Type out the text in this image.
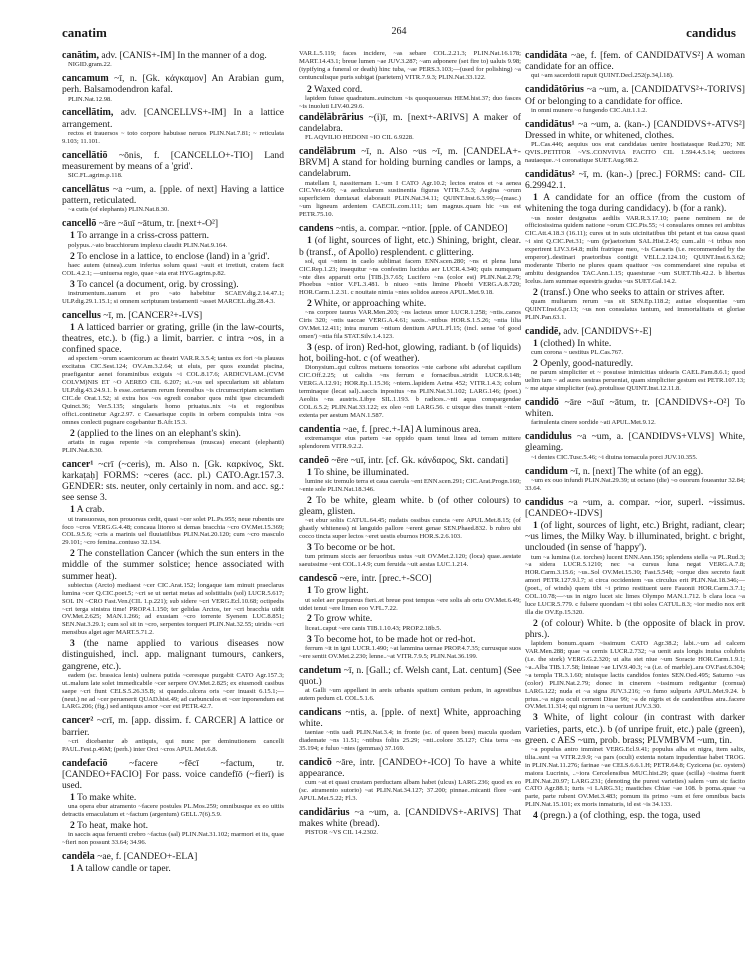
canatim	264	candidus
canātim, adv. [CANIS+-IM] In the manner of a dog.
NIGID.gram.22.
cancamum ~ī, n. [Gk. κάγκαμον] An Arabian gum, perh. Balsamodendron kafal.
PLIN.Nat.12.98.
cancellātim, adv. [CANCELLVS+-IM] In a lattice arrangement.
rectos et trauersos ~ toto corpore habuisse neruos PLIN.Nat.7.81; ~ reticulata 9.103; 11.101.
cancellātiō ~ōnis, f. [CANCELLO+-TIO] Land measurement by means of a 'grid'.
SIC.FL.agrim.p.118.
cancellātus ~a ~um, a. [pple. of next] Having a lattice pattern, reticulated.
~a cutis (of elephants) PLIN.Nat.8.30.
cancellō ~āre ~āuī ~ātum, tr. [next+-O²]
1 To arrange in a criss-cross pattern.
polypus..~ato bracchiorum implexu claudit PLIN.Nat.9.164.
2 To enclose in a lattice, to enclose (land) in a 'grid'.
haec autem (uinea)..cum inferius solum quasi ~auit et irretiuit, cratem facit COL.4.2.1; —uniuersa regio, quae ~ata erat HYG.agrim.p.82.
3 To cancel (a document, orig. by crossing).
instrumentum..uanum et pro ~ato habebitur SCAEV.dig.2.14.47.1; ULP.dig.29.1.15.1; si omnem scripturam testamenti ~asset MARCEL.dig.28.4.3.
cancellus ~ī, m. [CANCER²+-LVS]
1 A latticed barrier or grating, grille (in the law-courts, theatres, etc.). b (fig.) a limit, barrier. c intra ~os, in a confined space.
ad speciem ~orum scaenicorum ac theatri VAR.R.3.5.4; tantus ex fori ~is plausus excitatus CIC.Sest.124; OV.Am.3.2.64; ut eluis, per quos exundat piscina, praefigantur aenei foraminibus exiguis ~i COL.8.17.6; ARDICVLAM..(CVM COLVM)NIS ET ~O AEREO CIL 6.207; si..~us uel specularium sit ablatum ULP.dig.43.24.9.1. b esse..certarum rerum forensibus ~is circumscriptam scientiam CIC.de Orat.1.52; si extra hos ~os egredi conabor quos mihi ipse circumdedi Quinct.36; Ver.5.135; singularis homo priuatus..nix ~is et regionibus offici..continetur Agr.2.97. c Caesarisque copiis in orbem compulsis intra ~os omnes conlecti pugnare cogebantur B.Afr.15.3.
2 (applied to the lines on an elephant's skin).
artatis in rugas repente ~is comprehensas (muscas) enecant (elephanti) PLIN.Nat.8.30.
cancer¹ ~crī (~ceris), m. Also n. [Gk. καρκίνος, Skt. karkaṭaḥ] FORMS: ~ceres (acc. pl.) CATO.Agr.157.3. GENDER: sts. neuter, only certainly in nom. and acc. sg.: see sense 3.
1 A crab.
ut transuorsus, non prouorsus cedit, quasi ~cer solet PL.Ps.955; neue rubentis ure foco ~cros VERG.G.4.48; concaua litoreo si demas bracchia ~cro OV.Met.15.369; COL.9.5.6; ~cris a marinis uel fluuiatilibus PLIN.Nat.20.120; cum ~cro masculo 29.101; ~cro femina..contuso 32.134.
2 The constellation Cancer (which the sun enters in the middle of the summer solstice; hence associated with summer heat).
subiectus (Arcto) mediaest ~cer CIC.Arat.152; longaque iam minuit praeclarus lumina ~cer Q.CIC.poet.5; ~cri se ut uertat metas ad solstitialis (sol) LUCR.5.617; SOL IN ~CRO Fast.Ven.(CIL 1.p.221); sub sidere ~cri VERG.Ecl.10.68; octipedis ~cri terga sinistra time! PROP.4.1.150; ter gelidas Arctos, ter ~cri bracchia uidit OV.Met.2.625; MAN.1.266; ad exustam ~cro torrente Syenem LUC.8.851; SEN.Nat.3.29.1; cum sol sit in ~cro, serpentes torqueri PLIN.Nat.32.55; uiridis ~cri mensibus alget ager MART.5.71.2.
3 (the name applied to various diseases now distinguished, incl. app. malignant tumours, cankers, gangrene, etc.).
eadem (sc. brassica lenis) uulnera putida ~ceresque purgabit CATO Agr.157.3; ut..malum late solet immedicabile ~cer serpere OV.Met.2.825; ex eiusmodi casibus saepe ~cri fiunt CELS.5.26.35.B; si quando..ulcera oris ~cer inuasit 6.15.1;—(neut.) ne ad ~cer peruenerit QUAD.hist.49; ad carbunculos et ~cer inponendum est LARG.206; (fig.) sed antiquus amor ~cer est PETR.42.7.
cancer² ~crī, m. [app. dissim. f. CARCER] A lattice or barrier.
~cri dicebantur ab antiquis, qui nunc per deminutionem cancelli PAUL.Fest.p.46M; (perh.) inter Orci ~cros APUL.Met.6.8.
candefaciō ~facere ~fēcī ~factum, tr. [CANDEO+FACIO] For pass. voice candefīō (~fierī) is used.
1 To make white.
una opera ebur atramento ~facere postules PL.Mos.259; omnibusque ex eo uitiis detractis emaculatum et ~factum (argentum) GELL.7(6).5.9.
2 To heat, make hot.
in saccis aqua feruenti crebro ~factus (sal) PLIN.Nat.31.102; marmori et iis, quae ~fieri non possunt 33.64; 34.96.
candēla ~ae, f. [CANDEO+-ELA]
1 A tallow candle or taper.
VAR.L.5.119; faces incidere, ~as sebare COL.2.21.3; PLIN.Nat.16.178; MART.14.43.1; breue lumen ~ae JUV.3.287; ~am adponere (set fire to) ualuis 9.98; (typifying a funeral or death) hinc tuba, ~ae PERS.3.103;—(used for polishing) ~a centunculisque puris subigat (parietem) VITR.7.9.3; PLIN.Nat.33.122.
2 Waxed cord.
lapidem fuisse quadratum..euinctum ~is quoquouersus HEM.hist.37; duo fasces ~is inuoluti LIV.40.29.6.
candēlābrārius ~(i)ī, m. [next+-ARIVS] A maker of candelabra.
FL AQVILIO HEDONI ~IO CIL 6.9228.
candēlābrum ~ī, n. Also ~us ~ī, m. [CANDELA+-BRVM] A stand for holding burning candles or lamps, a candelabrum.
matellam I, nassiternam I..~um I CATO Agr.10.2; lectos eratos et ~a aenea CIC.Ver.4.60; ~a aedicularum sustinentia figuras VITR.7.5.3; Aegina ~orum superficiem dumtaxat elaborauit PLIN.Nat.34.11; QUINT.Inst.6.3.99;—(masc.) ~um ligneum ardentem CAECIL.com.111; tam magnus..quam hic ~us est PETR.75.10.
candens ~ntis, a. compar. ~ntior. [pple. of CANDEO]
1 (of light, sources of light, etc.) Shining, bright, clear. b (transf., of Apollo) resplendent. c glittering.
sol, qui ~ntem in caelo sublimat facem ENN.scen.280; ~ns et plena luna CIC.Rep.1.23; insequitur ~ns confestim lucidus aer LUCR.4.340; quis numquam ~nte dies apparuit ortu [TIB.]3.7.65; Lucifero ~ns (color est) PLIN.Nat.2.79; Phoebus ~ntior V.FL.3.481. b niueo ~ntis limine Phoebi VERG.A.8.720; HOR.Carm.1.2.31. c nouitate nimia ~ntes solidos aureos APUL.Met.9.18.
2 White, or approaching white.
~ns corpore taurus VAR.Men.203; ~ns lacteus umor LUCR.1.258; ~ntis..canos Ciris 320; ~ntis uaccae VERG.A.4.61; saxis..~ntibus HOR.S.1.5.26; ~ntia lilia OV.Met.12.411; intra murum ~ntium dentium APUL.Fl.15; (incl. sense 'of good omen') ~ntia fila STAT.Silv.1.4.123.
3 (esp. of iron) Red-hot, glowing, radiant. b (of liquids) hot, boiling-hot. c (of weather).
Dionysium..qui cultros metuens tonsorios ~nte carbone sibi adurebat capillum CIC.Off.2.25; ut calidis ~ns ferrum e fornacibus..stridit LUCR.6.148; VERG.A.12.91; HOR.Ep.1.15.36; ~ntem..lapidem Aetna 452; VITR.1.4.3; colum terminaque (lecat sal)..saccis inpositus ~ns PLIN.Nat.31.102; LARG.146; (poet.) Aeoliis ~ns austris..Libye SIL.1.193. b radices..~nti aqua conspargendae COL.6.5.2; PLIN.Nat.33.122; ex oleo ~nti LARG.56. c uixque dies transit ~ntem extenta per aestum MAN.1.587.
candentia ~ae, f. [prec.+-IA] A luminous area.
extremamque eius partem ~ae oppido quam tenui linea ad terram mittere splendorem VITR.9.2.2.
candeō ~ēre ~uī, intr. [cf. Gk. κάνδαρος, Skt. candati]
1 To shine, be illuminated.
lumine sic tremulo terra et caua caerula ~ent ENN.scen.291; CIC.Arat.Progn.160; ~ente sole PLIN.Nat.18.346.
2 To be white, gleam white. b (of other colours) to gleam, glisten.
~et ebur soliis CATUL.64.45; nudatis ossibus cuncta ~ere APUL.Met.8.15; (of ghastly whiteness) ni languido pallore ~erent genae SEN.Phaed.832. b rubro ubi cocco tincta super lectos ~eret uestis eburnos HOR.S.2.6.103.
3 To become or be hot.
tum primum siccis aer feruoribus ustus ~uit OV.Met.2.120; (loca) quae..aestate saeuissime ~ent COL.1.4.9; cum feruida ~uit aestas LUC.1.214.
candescō ~ere, intr. [prec.+-SCO]
1 To grow light.
ut solet aer purpureus fieri..et breue post tempus ~ere solis ab ortu OV.Met.6.49; uidet tenui ~ere limen eoo V.FL.7.22.
2 To grow white.
liceat..caput ~ere canis TIB.1.10.43; PROP.2.18b.5.
3 To become hot, to be made hot or red-hot.
ferrum ~it in igni LUCR.1.490; ~at lammina uernae PROP.4.7.35; currusque suos ~ere sentit OV.Met.2.230; lenne..~at VITR.7.9.5; PLIN.Nat.36.199.
candetum ~ī, n. [Gall.; cf. Welsh cant, Lat. centum] (See quot.)
at Galli ~um appellant in areis urbanis spatium centum pedum, in agrestibus autem pedum cL COL.5.1.6.
candicans ~ntis, a. [pple. of next] White, approaching white.
taeniae ~ntis uadi PLIN.Nat.3.4; in fronte (sc. of queen bees) macula quodam diademate ~ns 11.51; ~ntibus foliis 25.29; ~nti..colore 35.127; Chia terra ~ns 35.194; e fuluo ~ntes (gemmas) 37.169.
candicō ~āre, intr. [CANDEO+-ICO] To have a white appearance.
cum ~at et quasi crustam perductam albam habet (ulcus) LARG.236; quod ex eo (sc. atramento sutorio) ~at PLIN.Nat.34.127; 37.200; pinnae..micanti flore ~ant APUL.Met.5.22; Fl.3.
candidārius ~a ~um, a. [CANDIDVS+-ARIVS] That makes white (bread).
PISTOR ~VS CIL 14.2302.
candidāta ~ae, f. [fem. of CANDIDATVS²] A woman candidate for an office.
qui ~am sacerdotii rapuit QUINT.Decl.252(p.34,l.18).
candidātōrius ~a ~um, a. [CANDIDATVS²+-TORIVS] Of or belonging to a candidate for office.
in omni munere ~o fungendo CIC.Att.1.1.2.
candidātus¹ ~a ~um, a. (kan-.) [CANDIDVS+-ATVS²] Dressed in white, or whitened, clothes.
PL.Cas.446; aequius uos erat candidatas uenire hostiatasque Rud.270; NE QVIS..PETITOR ~VS..CONVIVIA FACITO CIL 1.594.4.5.14; uectores nautaeque..~i coronatique SUET.Aug.98.2.
candidātus² ~ī, m. (kan-.) [prec.] FORMS: cand- CIL 6.29942.1.
1 A candidate for an office (from the custom of whitening the toga during candidacy). b (for a rank).
~us noster designatus aedilis VAR.R.3.17.10; paene neminem ne de officiosissima quidem natione ~orum CIC.Pis.55; ~i consulares omnes rei ambitus CIC.Att.4.18.3 (16.11); cures ut in suis uicinitatibus tibi petant et tua causa quasi ~i sint Q.CIC.Pet.31; ~um (pr)aetorium SAL.Hist.2.45; cum..alii ~i tribus non experirent LIV.3.64.8; mihi fratrique meo, ~is Caesaris (i.e. recommended by the emperor)..destinari praetoribus contigit VELL.2.124.10; QUINT.Inst.6.3.62; moderante Tiberio ne plures quam quattuor ~os commendaret sine repulsa et ambitu designandos TAC.Ann.1.15; quaesturae ~um SUET.Tib.42.2. b libertus Icelus..iam summae equestris gradus ~us SUET.Gal.14.2.
2 (transf.) One who seeks to attain or strives after.
quam multarum rerum ~us sit SEN.Ep.118.2; auitae eloquentiae ~um QUINT.Inst.6.pr.13; ~us non consulatus tantum, sed immortalitatis et gloriae PLIN.Pan.63.1.
candidē, adv. [CANDIDVS+-E]
1 (clothed) In white.
cum corona ~ uestitus PL.Cas.767.
2 Openly, good-naturedly.
ne parum simpliciter et ~ posuisse inimicitias uidearis CAEL.Fam.8.6.1; quod uelim tam ~ ad aures uestras perueniat, quam simpliciter gestum est PETR.107.13; ~ me atque simpliciter (ea)..protulisse QUINT.Inst.12.11.8.
candidō ~āre ~āuī ~ātum, tr. [CANDIDVS+-O²] To whiten.
farinulenta cinere sordide ~ati APUL.Met.9.12.
candidulus ~a ~um, a. [CANDIDVS+VLVS] White, gleaming.
~i dentes CIC.Tusc.5.46; ~i diuina tomacula porci JUV.10.355.
candidum ~ī, n. [next] The white (of an egg).
~um ex ouo infundi PLIN.Nat.29.39; ut octano (die) ~o ouorum foueantur 32.84; 33.64.
candidus ~a ~um, a. compar. ~ior, superl. ~issimus. [CANDEO+-IDVS]
1 (of light, sources of light, etc.) Bright, radiant, clear; ~us limes, the Milky Way. b illuminated, bright. c bright, unclouded (in sense of 'happy').
tum ~a lumina (i.e. torches) lucent ENN.Ann.156; splendens stella ~a PL.Rud.3; ~a sidera LUCR.5.1210; nec ~a cursus luna negat VERG.A.7.8; HOR.Carm.3.15.6; ~us..Sol OV.Met.15.30; Fast.5.548; ~orque dies secreto fauit amori PETR.127.9.l.7; si circa occidentem ~us circulus erit PLIN.Nat.18.346;—(poet., of winds) quem tibi ~i primo restituent uere Fauonii HOR.Carm.3.7.1; COL.10.78;—~us in nigro lucet sic limes Olympo MAN.1.712. b clara loca ~a luce LUCR.5.779. c fulsere quondam ~i tibi soles CATUL.8.3; ~ior medio nox erit illa die OV.Ep.15.320.
2 (of colour) White. b (the opposite of black in prov. phrs.).
lapidem bonum..quam ~issimum CATO Agr.38.2; labi..~um ad calcem VAR.Men.288; quae ~a cernis LUCR.2.732; ~a uenit auis longis inuisa colubris (i.e. the stork) VERG.G.2.320; ut alta stet niue ~um Soracte HOR.Carm.1.9.1; ~a..Alba TIB.1.7.58; linteae ~ae LIV.9.40.3; ~a (i.e. of marble)..ara OV.Fast.6.304; ~a templa TR.3.1.60; niuisque lactis candidos fontes SEN.Oed.495; Saturno ~us (color) PLIN.Nat.2.79; donec in cinerem ~issimum redigantur (cornua) LARG.122; nuda et ~a signa JUV.3.216; ~o fumo sulpuris APUL.Met.9.24. b prius..~a nigra oculi cernent Dirae 99; ~a de nigris et de candentibus atra..facere OV.Met.11.314; qui nigrum in ~a uertunt JUV.3.30.
3 White, of light colour (in contrast with darker varieties, parts, etc.). b (of unripe fruit, etc.) pale (green), green. c AES ~um, prob. brass; PLVMBVM ~um, tin.
~a populus antro imminet VERG.Ecl.9.41; populus alba et nigra, item salix, tilia..sunt ~a VITR.2.9.9; ~a pars (oculi) extenta notam inpudentiae habet TROG. in PLIN.Nat.11.276; farinae ~ae CELS.6.6.1.H; PETR.64.8; Cyzicena (sc. oysters) maiora Lucrinis, ..~iora Cercelensibus MUC.hist.29; quae (scilla) ~issima fuerit PLIN.Nat.20.97; LARG.231; (denoting the purest varieties) salem ~um sic facito CATO Agr.88.1; turis ~i LARG.31; mastiches Chiae ~ae 108. b poma..quae ~a parte, parte rubent OV.Met.3.483; pomum iis primo ~um et fere omnibus bacis PLIN.Nat.15.101; ex moris inmaturis, id est ~is 34.133.
4 (pregn.) a (of clothing, esp. the toga, used
